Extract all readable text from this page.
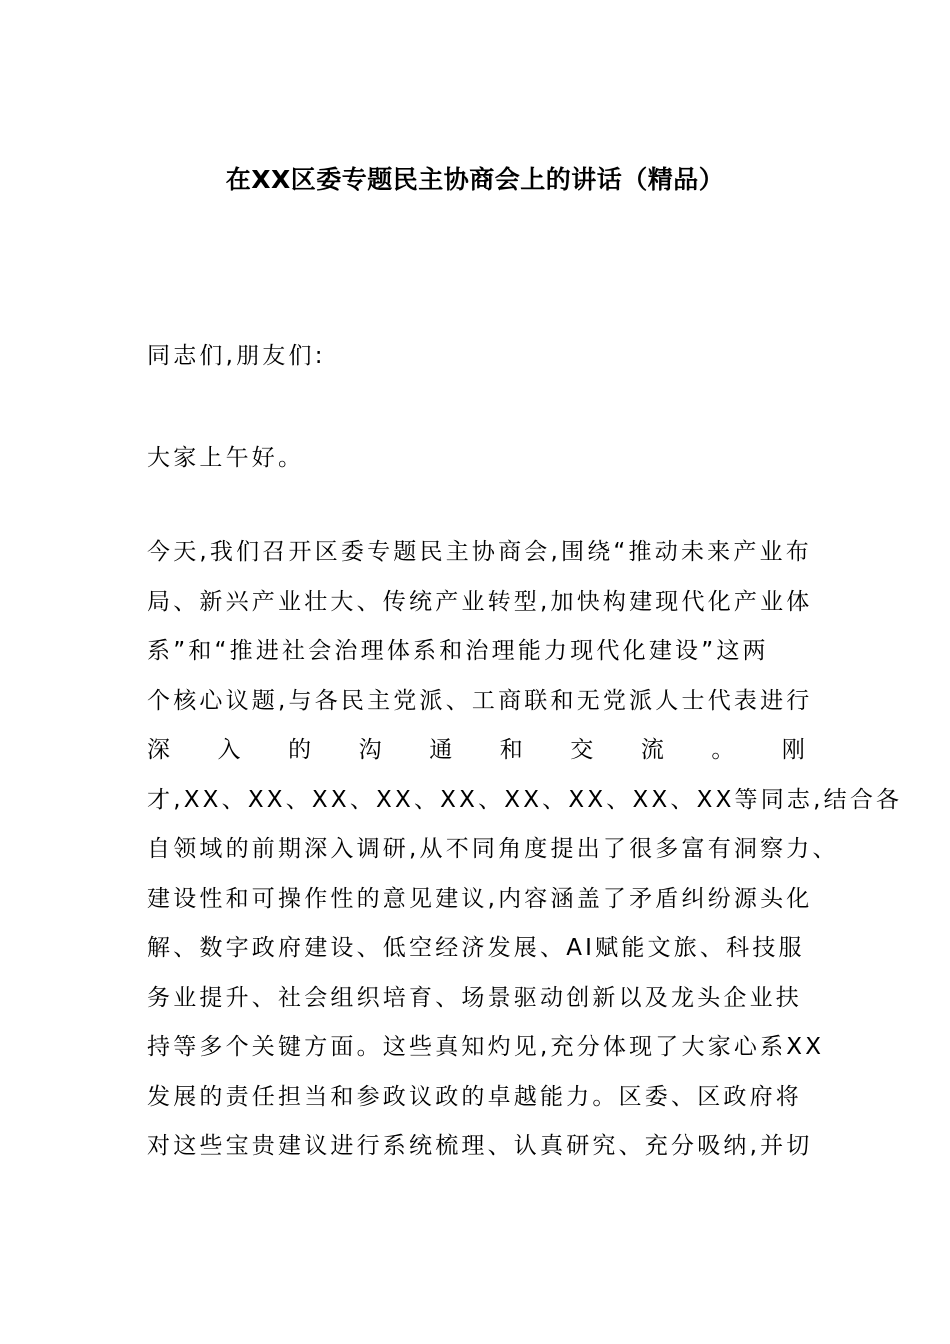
在XX区委专题民主协商会上的讲话（精品）
同志们,朋友们:
大家上午好。
今天,我们召开区委专题民主协商会,围绕“推动未来产业布
局、新兴产业壮大、传统产业转型,加快构建现代化产业体
系”和“推进社会治理体系和治理能力现代化建设”这两
个核心议题,与各民主党派、工商联和无党派人士代表进行
深 入 的 沟 通 和 交 流 。 刚
才,XX、XX、XX、XX、XX、XX、XX、XX、XX等同志,结合各
自领域的前期深入调研,从不同角度提出了很多富有洞察力、
建设性和可操作性的意见建议,内容涵盖了矛盾纠纷源头化
解、数字政府建设、低空经济发展、AI赋能文旅、科技服
务业提升、社会组织培育、场景驱动创新以及龙头企业扶
持等多个关键方面。这些真知灼见,充分体现了大家心系XX
发展的责任担当和参政议政的卓越能力。区委、区政府将
对这些宝贵建议进行系统梳理、认真研究、充分吸纳,并切
